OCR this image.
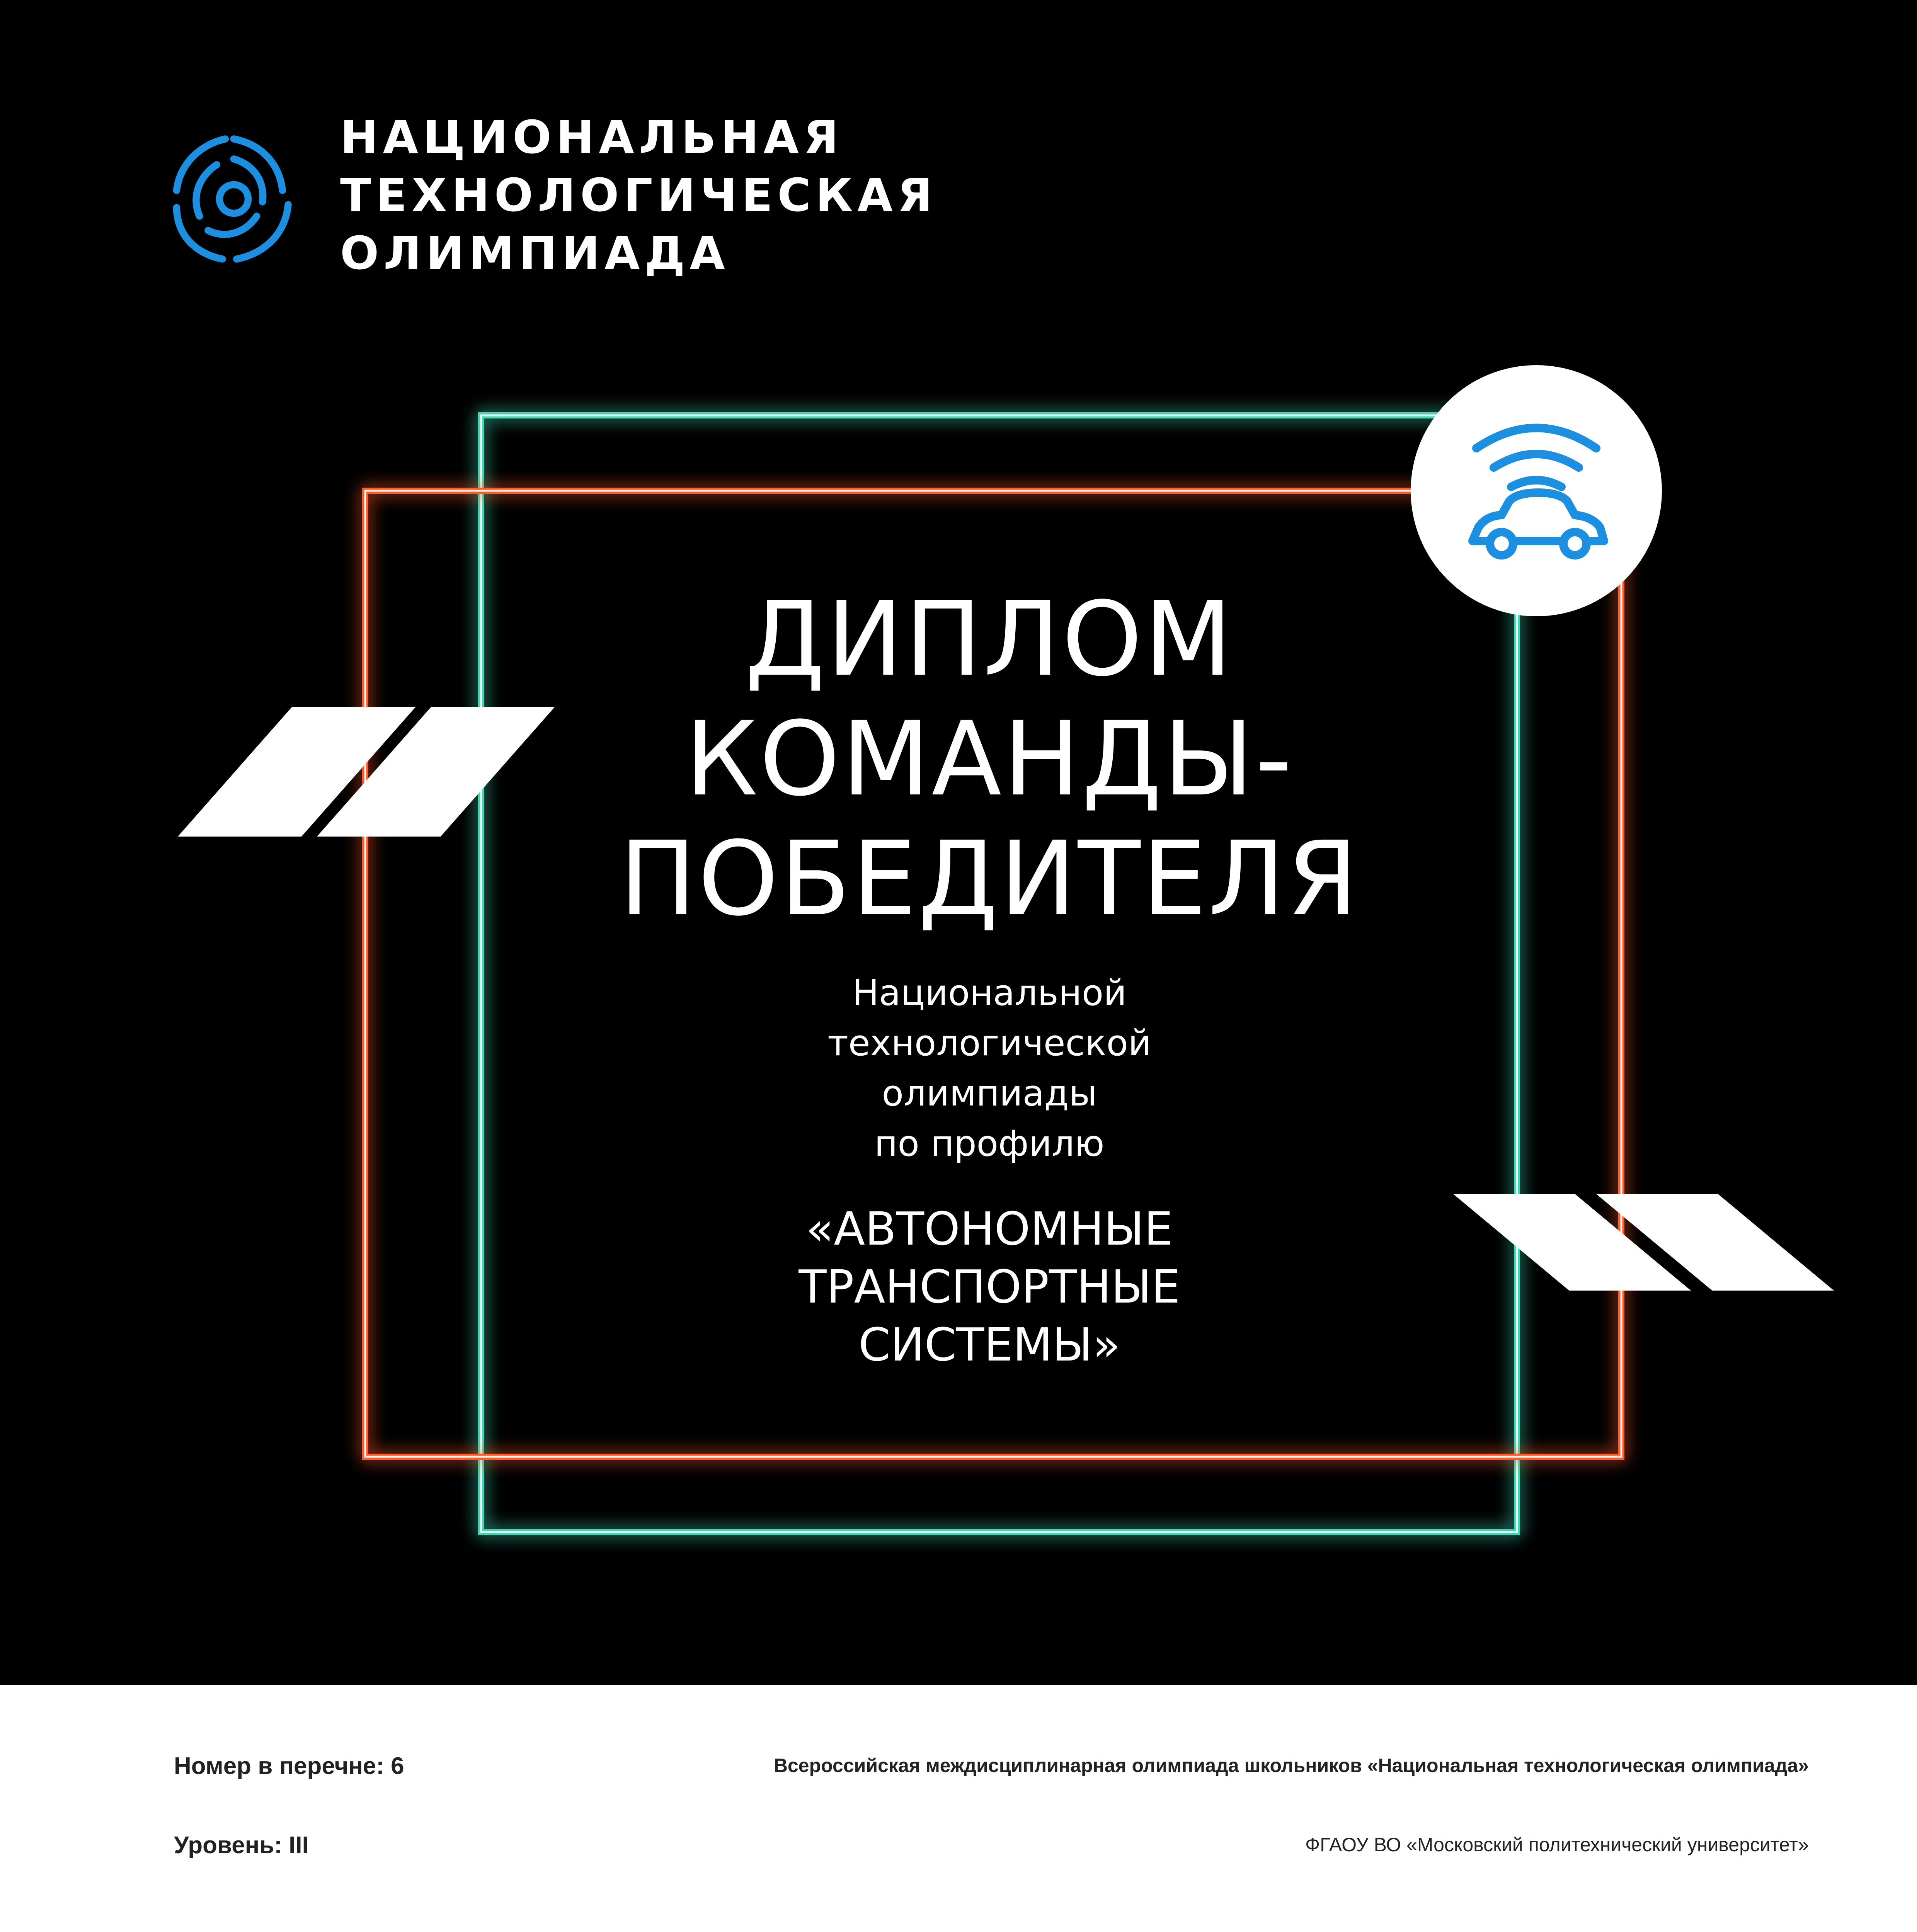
НАЦИОНАЛЬНАЯ
ТЕХНОЛОГИЧЕСКАЯ
ОЛИМПИАДА
ДИПЛОМ
КОМАНДЫ-
ПОБЕДИТЕЛЯ
Национальной
технологической
олимпиады
по профилю
«АВТОНОМНЫЕ
ТРАНСПОРТНЫЕ
СИСТЕМЫ»
Номер в перечне: 6
Уровень: III
Всероссийская междисциплинарная олимпиада школьников «Национальная технологическая олимпиада»
ФГАОУ ВО «Московский политехнический университет»
